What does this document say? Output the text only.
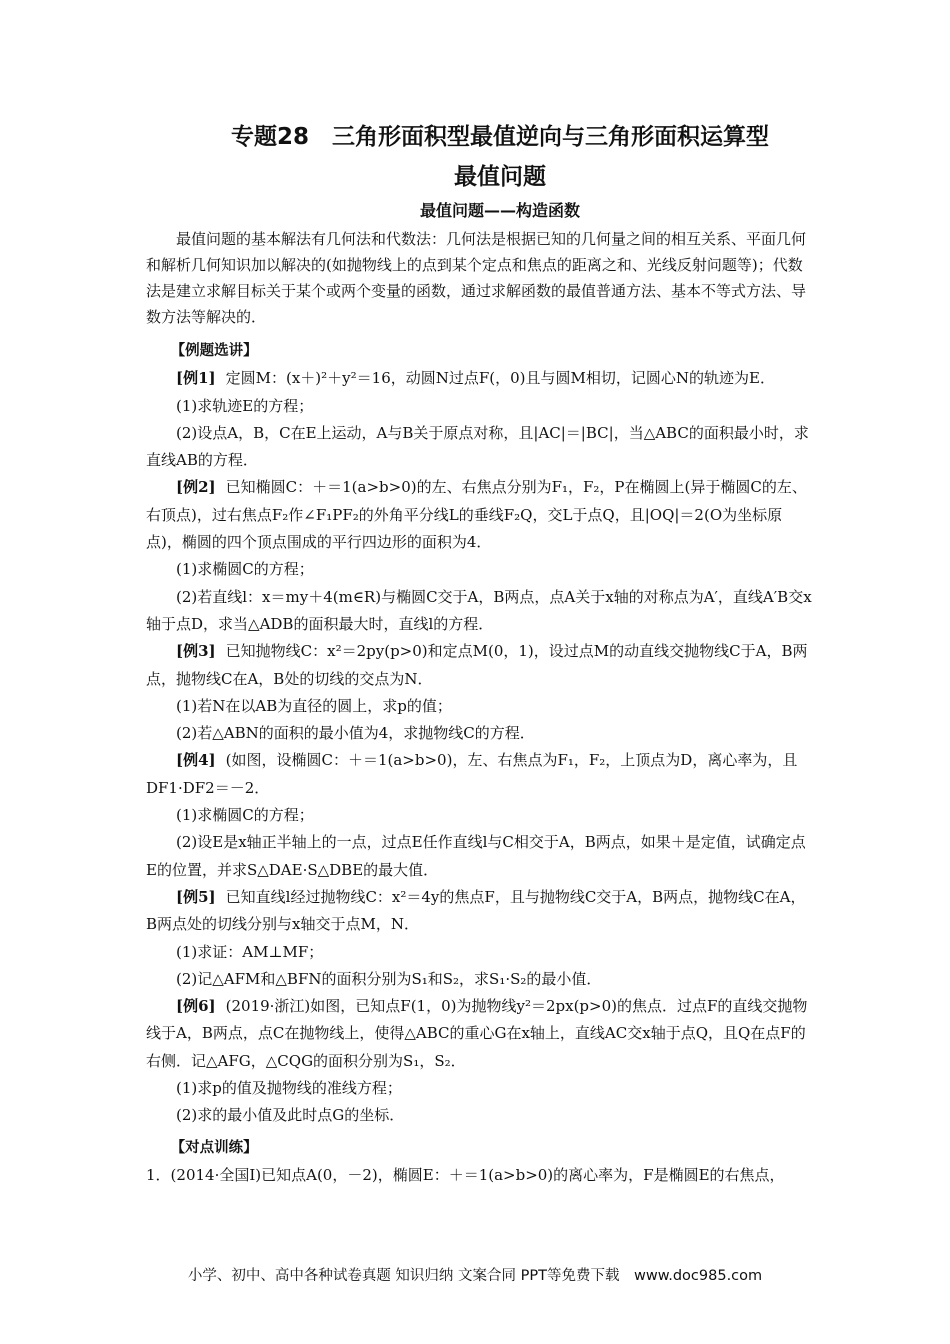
专题28　三角形面积型最值逆向与三角形面积运算型
最值问题
最值问题——构造函数
最值问题的基本解法有几何法和代数法：几何法是根据已知的几何量之间的相互关系、平面几何和解析几何知识加以解决的(如抛物线上的点到某个定点和焦点的距离之和、光线反射问题等)；代数法是建立求解目标关于某个或两个变量的函数，通过求解函数的最值普通方法、基本不等式方法、导数方法等解决的．

【例题选讲】

[例1] 定圆M：(x＋)²＋y²＝16，动圆N过点F(，0)且与圆M相切，记圆心N的轨迹为E．

(1)求轨迹E的方程；

(2)设点A，B，C在E上运动，A与B关于原点对称，且|AC|＝|BC|，当△ABC的面积最小时，求直线AB的方程．

[例2] 已知椭圆C：＋＝1(a>b>0)的左、右焦点分别为F₁，F₂，P在椭圆上(异于椭圆C的左、右顶点)，过右焦点F₂作∠F₁PF₂的外角平分线L的垂线F₂Q，交L于点Q，且|OQ|＝2(O为坐标原点)，椭圆的四个顶点围成的平行四边形的面积为4．

(1)求椭圆C的方程；

(2)若直线l：x＝my＋4(m∈R)与椭圆C交于A，B两点，点A关于x轴的对称点为A′，直线A′B交x轴于点D，求当△ADB的面积最大时，直线l的方程．

[例3] 已知抛物线C：x²＝2py(p>0)和定点M(0，1)，设过点M的动直线交抛物线C于A，B两点，抛物线C在A，B处的切线的交点为N．

(1)若N在以AB为直径的圆上，求p的值；

(2)若△ABN的面积的最小值为4，求抛物线C的方程．

[例4] (如图，设椭圆C：＋＝1(a>b>0)，左、右焦点为F₁，F₂，上顶点为D，离心率为，且DF1·DF2＝－2．

(1)求椭圆C的方程；

(2)设E是x轴正半轴上的一点，过点E任作直线l与C相交于A，B两点，如果＋是定值，试确定点E的位置，并求S△DAE·S△DBE的最大值．

[例5] 已知直线l经过抛物线C：x²＝4y的焦点F，且与抛物线C交于A，B两点，抛物线C在A，B两点处的切线分别与x轴交于点M，N．

(1)求证：AM⊥MF；

(2)记△AFM和△BFN的面积分别为S₁和S₂，求S₁·S₂的最小值．

[例6] (2019·浙江)如图，已知点F(1，0)为抛物线y²＝2px(p>0)的焦点．过点F的直线交抛物线于A，B两点，点C在抛物线上，使得△ABC的重心G在x轴上，直线AC交x轴于点Q，且Q在点F的右侧．记△AFG，△CQG的面积分别为S₁，S₂．

(1)求p的值及抛物线的准线方程；

(2)求的最小值及此时点G的坐标．

【对点训练】

1．(2014·全国Ⅰ)已知点A(0，－2)，椭圆E：＋＝1(a>b>0)的离心率为，F是椭圆E的右焦点，

小学、初中、高中各种试卷真题 知识归纳 文案合同 PPT等免费下载　www.doc985.com
